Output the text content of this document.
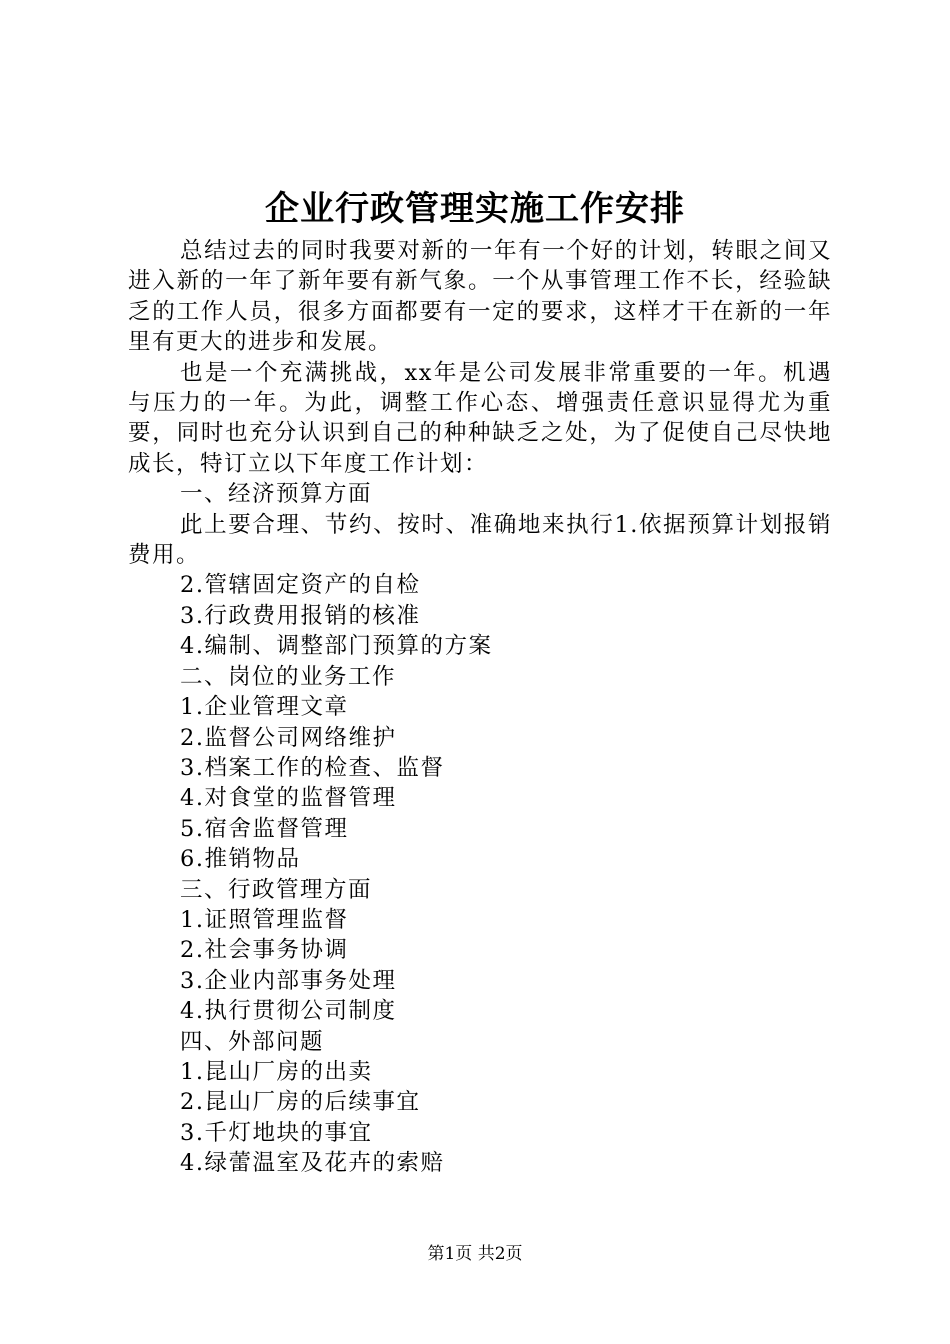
企业行政管理实施工作安排

总结过去的同时我要对新的一年有一个好的计划，转眼之间又进入新的一年了新年要有新气象。一个从事管理工作不长，经验缺乏的工作人员，很多方面都要有一定的要求，这样才干在新的一年里有更大的进步和发展。

也是一个充满挑战，xx年是公司发展非常重要的一年。机遇与压力的一年。为此，调整工作心态、增强责任意识显得尤为重要，同时也充分认识到自己的种种缺乏之处，为了促使自己尽快地成长，特订立以下年度工作计划：

一、经济预算方面

此上要合理、节约、按时、准确地来执行1.依据预算计划报销费用。

2.管辖固定资产的自检

3.行政费用报销的核准

4.编制、调整部门预算的方案

二、岗位的业务工作

1.企业管理文章

2.监督公司网络维护

3.档案工作的检查、监督

4.对食堂的监督管理

5.宿舍监督管理

6.推销物品

三、行政管理方面

1.证照管理监督

2.社会事务协调

3.企业内部事务处理

4.执行贯彻公司制度

四、外部问题

1.昆山厂房的出卖

2.昆山厂房的后续事宜

3.千灯地块的事宜

4.绿蕾温室及花卉的索赔

第1页 共2页
